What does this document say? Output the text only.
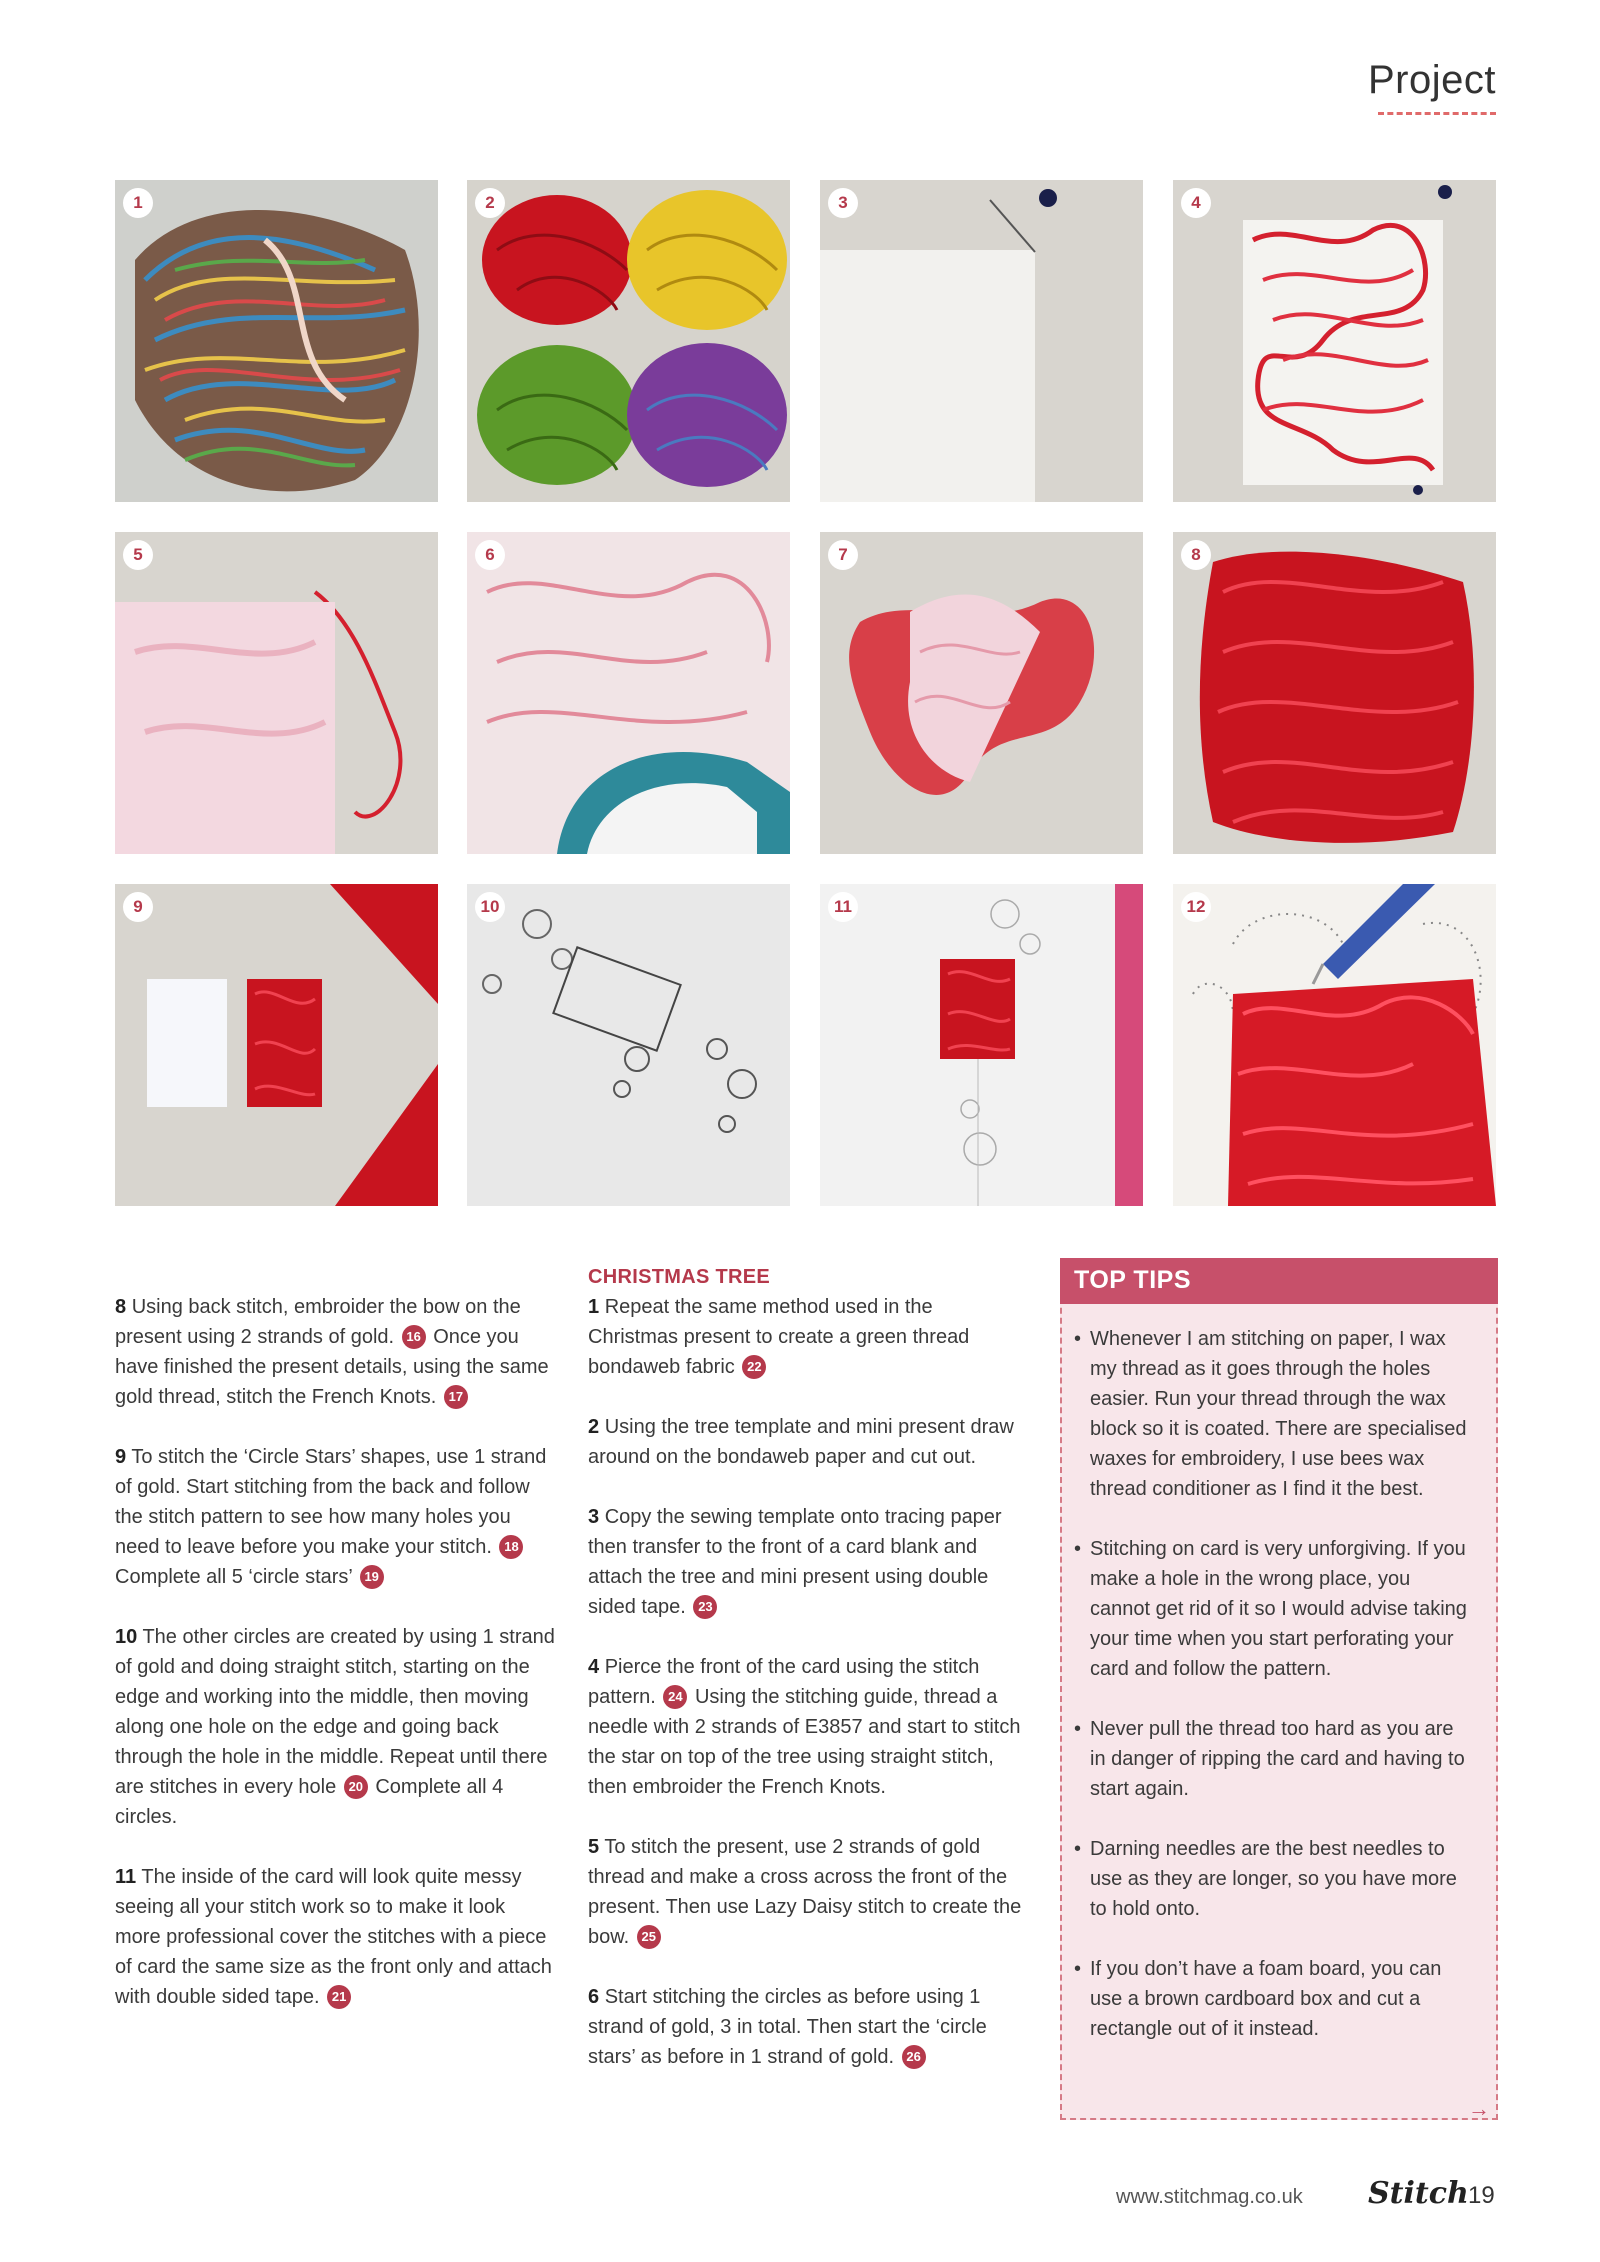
Project
1	2	3	4
5	6	7	8
9	10	11	12

8 Using back stitch, embroider the bow on the present using 2 strands of gold. 16 Once you have finished the present details, using the same gold thread, stitch the French Knots. 17

9 To stitch the ‘Circle Stars’ shapes, use 1 strand of gold. Start stitching from the back and follow the stitch pattern to see how many holes you need to leave before you make your stitch. 18 Complete all 5 ‘circle stars’ 19

10 The other circles are created by using 1 strand of gold and doing straight stitch, starting on the edge and working into the middle, then moving along one hole on the edge and going back through the hole in the middle. Repeat until there are stitches in every hole 20 Complete all 4 circles.

11 The inside of the card will look quite messy seeing all your stitch work so to make it look more professional cover the stitches with a piece of card the same size as the front only and attach with double sided tape. 21

CHRISTMAS TREE

1 Repeat the same method used in the Christmas present to create a green thread bondaweb fabric 22

2 Using the tree template and mini present draw around on the bondaweb paper and cut out.

3 Copy the sewing template onto tracing paper then transfer to the front of a card blank and attach the tree and mini present using double sided tape. 23

4 Pierce the front of the card using the stitch pattern. 24 Using the stitching guide, thread a needle with 2 strands of E3857 and start to stitch the star on top of the tree using straight stitch, then embroider the French Knots.

5 To stitch the present, use 2 strands of gold thread and make a cross across the front of the present. Then use Lazy Daisy stitch to create the bow. 25

6 Start stitching the circles as before using 1 strand of gold, 3 in total. Then start the ‘circle stars’ as before in 1 strand of gold. 26

TOP TIPS
• Whenever I am stitching on paper, I wax my thread as it goes through the holes easier. Run your thread through the wax block so it is coated. There are specialised waxes for embroidery, I use bees wax thread conditioner as I find it the best.
• Stitching on card is very unforgiving. If you make a hole in the wrong place, you cannot get rid of it so I would advise taking your time when you start perforating your card and follow the pattern.
• Never pull the thread too hard as you are in danger of ripping the card and having to start again.
• Darning needles are the best needles to use as they are longer, so you have more to hold onto.
• If you don’t have a foam board, you can use a brown cardboard box and cut a rectangle out of it instead.
→
www.stitchmag.co.uk Stitch 19
